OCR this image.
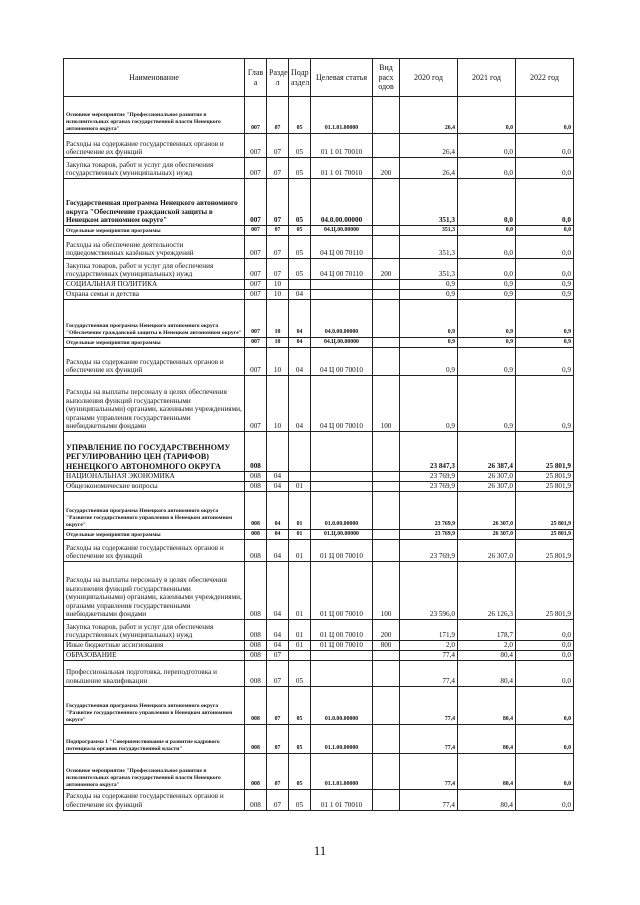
Наименование	Глав а	Разде л	Подр аздел	Целевая статья	Вид расх одов	2020 год	2021 год	2022 год
Основное мероприятие "Профессиональное развитие в исполнительных органах государственной власти Ненецкого автономного округа"	007	07	05	01.1.01.00000		26,4	0,0	0,0
Расходы на содержание государственных органов и обеспечение их функций	007	07	05	01 1 01 70010		26,4	0,0	0,0
Закупка товаров, работ и услуг для обеспечения государственных (муниципальных) нужд	007	07	05	01 1 01 70010	200	26,4	0,0	0,0
Государственная программа Ненецкого автономного округа "Обеспечение гражданской защиты в Ненецком автономном округе"	007	07	05	04.0.00.00000		351,3	0,0	0,0
Отдельные мероприятия программы	007	07	05	04.Ц.00.00000		351,3	0,0	0,0
Расходы на обеспечение деятельности подведомственных казённых учреждений	007	07	05	04 Ц 00 70110		351,3	0,0	0,0
Закупка товаров, работ и услуг для обеспечения государственных (муниципальных) нужд	007	07	05	04 Ц 00 70110	200	351,3	0,0	0,0
СОЦИАЛЬНАЯ ПОЛИТИКА	007	10				0,9	0,9	0,9
Охрана семьи и детства	007	10	04			0,9	0,9	0,9
Государственная программа Ненецкого автономного округа "Обеспечение гражданской защиты в Ненецком автономном округе"	007	10	04	04.0.00.00000		0,9	0,9	0,9
Отдельные мероприятия программы	007	10	04	04.Ц.00.00000		0,9	0,9	0,9
Расходы на содержание государственных органов и обеспечение их функций	007	10	04	04 Ц 00 70010		0,9	0,9	0,9
Расходы на выплаты персоналу в целях обеспечения выполнения функций государственными (муниципальными) органами, казенными учреждениями, органами управления государственными внебюджетными фондами	007	10	04	04 Ц 00 70010	100	0,9	0,9	0,9
УПРАВЛЕНИЕ ПО ГОСУДАРСТВЕННОМУ РЕГУЛИРОВАНИЮ ЦЕН (ТАРИФОВ) НЕНЕЦКОГО АВТОНОМНОГО ОКРУГА	008					23 847,3	26 387,4	25 801,9
НАЦИОНАЛЬНАЯ ЭКОНОМИКА	008	04				23 769,9	26 307,0	25 801,9
Общеэкономические вопросы	008	04	01			23 769,9	26 307,0	25 801,9
Государственная программа Ненецкого автономного округа "Развитие государственного управления в Ненецком автономном округе"	008	04	01	01.0.00.00000		23 769,9	26 307,0	25 801,9
Отдельные мероприятия программы	008	04	01	01.Ц.00.00000		23 769,9	26 307,0	25 801,9
Расходы на содержание государственных органов и обеспечение их функций	008	04	01	01 Ц 00 70010		23 769,9	26 307,0	25 801,9
Расходы на выплаты персоналу в целях обеспечения выполнения функций государственными (муниципальными) органами, казенными учреждениями, органами управления государственными внебюджетными фондами	008	04	01	01 Ц 00 70010	100	23 596,0	26 126,3	25 801,9
Закупка товаров, работ и услуг для обеспечения государственных (муниципальных) нужд	008	04	01	01 Ц 00 70010	200	171,9	178,7	0,0
Иные бюджетные ассигнования	008	04	01	01 Ц 00 70010	800	2,0	2,0	0,0
ОБРАЗОВАНИЕ	008	07				77,4	80,4	0,0
Профессиональная подготовка, переподготовка и повышение квалификации	008	07	05			77,4	80,4	0,0
Государственная программа Ненецкого автономного округа "Развитие государственного управления в Ненецком автономном округе"	008	07	05	01.0.00.00000		77,4	80,4	0,0
Подпрограмма 1 "Совершенствование и развитие кадрового потенциала органов государственной власти"	008	07	05	01.1.00.00000		77,4	80,4	0,0
Основное мероприятие "Профессиональное развитие в исполнительных органах государственной власти Ненецкого автономного округа"	008	07	05	01.1.01.00000		77,4	80,4	0,0
Расходы на содержание государственных органов и обеспечение их функций	008	07	05	01 1 01 70010		77,4	80,4	0,0
11
